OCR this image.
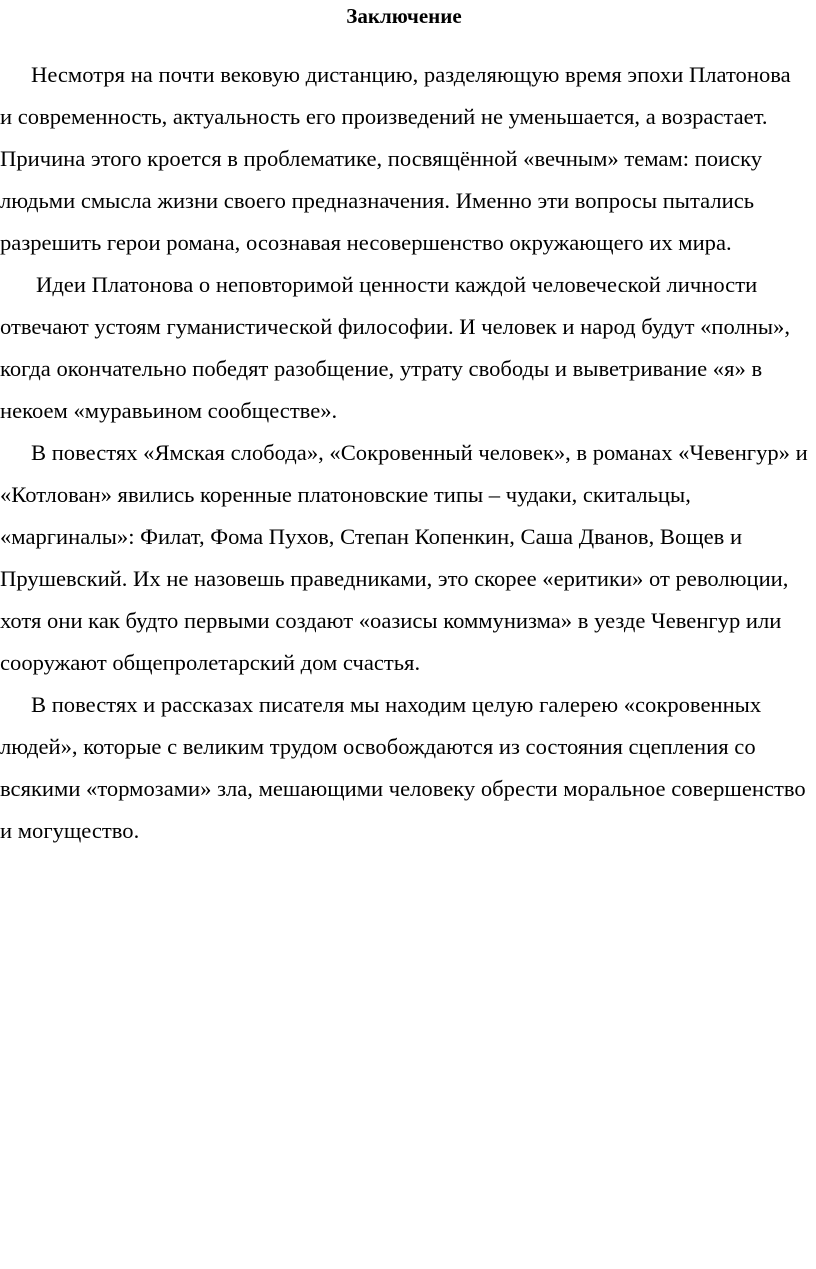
Заключение

Несмотря на почти вековую дистанцию, разделяющую время эпохи Платонова и современность, актуальность его произведений не уменьшается, а возрастает. Причина этого кроется в проблематике, посвящённой «вечным» темам: поиску людьми смысла жизни своего предназначения. Именно эти вопросы пытались разрешить герои романа, осознавая несовершенство окружающего их мира.

Идеи Платонова о неповторимой ценности каждой человеческой личности отвечают устоям гуманистической философии. И человек и народ будут «полны», когда окончательно победят разобщение, утрату свободы и выветривание «я» в некоем «муравьином сообществе».

В повестях «Ямская слобода», «Сокровенный человек», в романах «Чевенгур» и «Котлован» явились коренные платоновские типы – чудаки, скитальцы, «маргиналы»: Филат, Фома Пухов, Степан Копенкин, Саша Дванов, Вощев и Прушевский. Их не назовешь праведниками, это скорее «еритики» от революции, хотя они как будто первыми создают «оазисы коммунизма» в уезде Чевенгур или сооружают общепролетарский дом счастья.

В повестях и рассказах писателя мы находим целую галерею «сокровенных людей», которые с великим трудом освобождаются из состояния сцепления со всякими «тормозами» зла, мешающими человеку обрести моральное совершенство и могущество.
